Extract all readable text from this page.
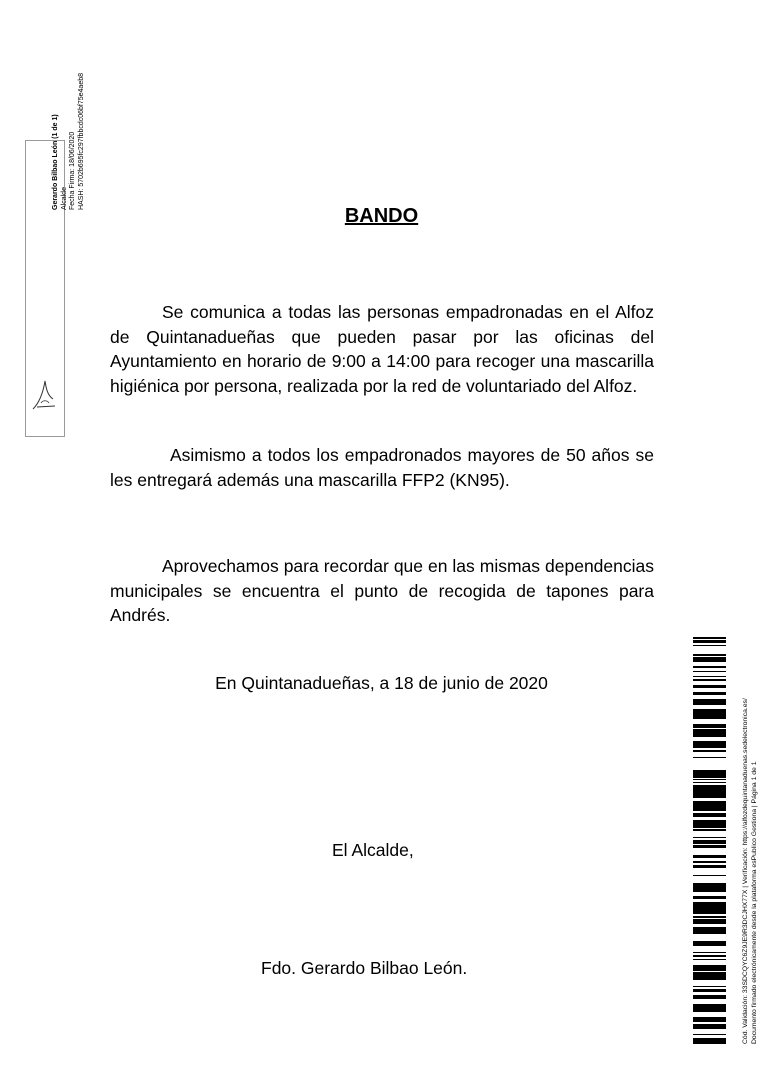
BANDO
Se comunica a todas las personas empadronadas en el Alfoz de Quintanadueñas que pueden pasar por las oficinas del Ayuntamiento en horario de 9:00 a 14:00 para recoger una mascarilla higiénica por persona, realizada por la red de voluntariado del Alfoz.
Asimismo a todos los empadronados mayores de 50 años se les entregará además una mascarilla FFP2 (KN95).
Aprovechamos para recordar que en las mismas dependencias municipales se encuentra el punto de recogida de tapones para Andrés.
En Quintanadueñas, a 18 de junio de 2020
El Alcalde,
Fdo. Gerardo Bilbao León.
Gerardo Bilbao León (1 de 1) Alcalde Fecha Firma: 18/06/2020 HASH: 5702b695fc297fbbcdc06bf75e4aeb8
Cód. Validación: 33SDCQYC6Z9JE9R3DCJHX77X | Verificación: https://alfozdequintanaduenas.sedelectronica.es/ Documento firmado electrónicamente desde la plataforma esPublico Gestiona | Página 1 de 1
